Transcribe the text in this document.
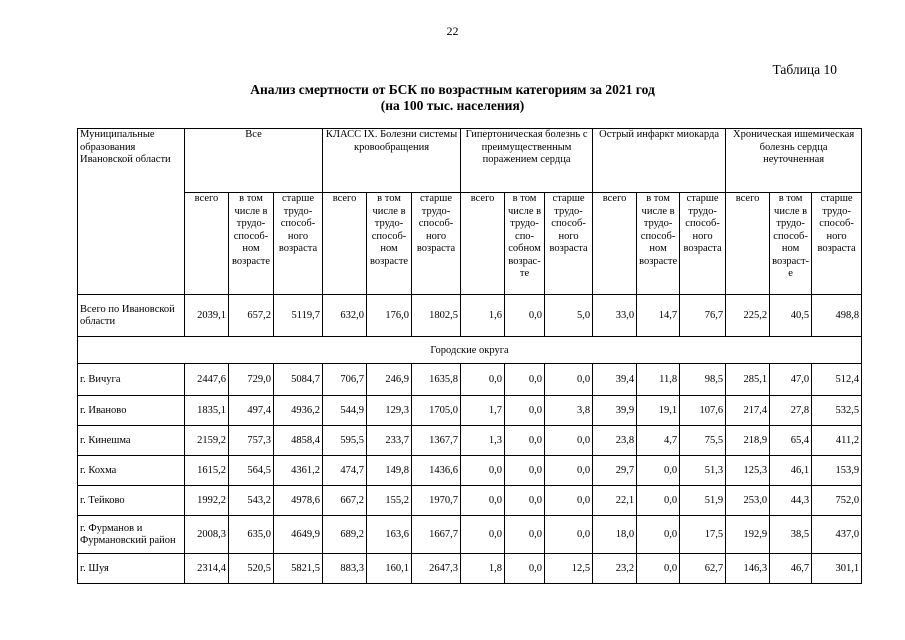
22
Таблица 10
Анализ смертности от БСК по возрастным категориям за 2021 год
(на 100 тыс. населения)
Муниципальные образования Ивановской области	Все			КЛАСС IX. Болезни системы кровообращения			Гипертоническая болезнь с преимущественным поражением сердца			Острый инфаркт миокарда			Хроническая ишемическая болезнь сердца неуточненная		
	всего	в том числе в трудо-способ-ном возрасте	старше трудо-способ-ного возраста	всего	в том числе в трудо-способ-ном возрасте	старше трудо-способ-ного возраста	всего	в том числе в трудо-спо-собном возрас-те	старше трудо-способ-ного возраста	всего	в том числе в трудо-способ-ном возрасте	старше трудо-способ-ного возраста	всего	в том числе в трудо-способ-ном возраст-е	старше трудо-способ-ного возраста
Всего по Ивановской области	2039,1	657,2	5119,7	632,0	176,0	1802,5	1,6	0,0	5,0	33,0	14,7	76,7	225,2	40,5	498,8
Городские округа															
г. Вичуга	2447,6	729,0	5084,7	706,7	246,9	1635,8	0,0	0,0	0,0	39,4	11,8	98,5	285,1	47,0	512,4
г. Иваново	1835,1	497,4	4936,2	544,9	129,3	1705,0	1,7	0,0	3,8	39,9	19,1	107,6	217,4	27,8	532,5
г. Кинешма	2159,2	757,3	4858,4	595,5	233,7	1367,7	1,3	0,0	0,0	23,8	4,7	75,5	218,9	65,4	411,2
г. Кохма	1615,2	564,5	4361,2	474,7	149,8	1436,6	0,0	0,0	0,0	29,7	0,0	51,3	125,3	46,1	153,9
г. Тейково	1992,2	543,2	4978,6	667,2	155,2	1970,7	0,0	0,0	0,0	22,1	0,0	51,9	253,0	44,3	752,0
г. Фурманов и Фурмановский район	2008,3	635,0	4649,9	689,2	163,6	1667,7	0,0	0,0	0,0	18,0	0,0	17,5	192,9	38,5	437,0
г. Шуя	2314,4	520,5	5821,5	883,3	160,1	2647,3	1,8	0,0	12,5	23,2	0,0	62,7	146,3	46,7	301,1
